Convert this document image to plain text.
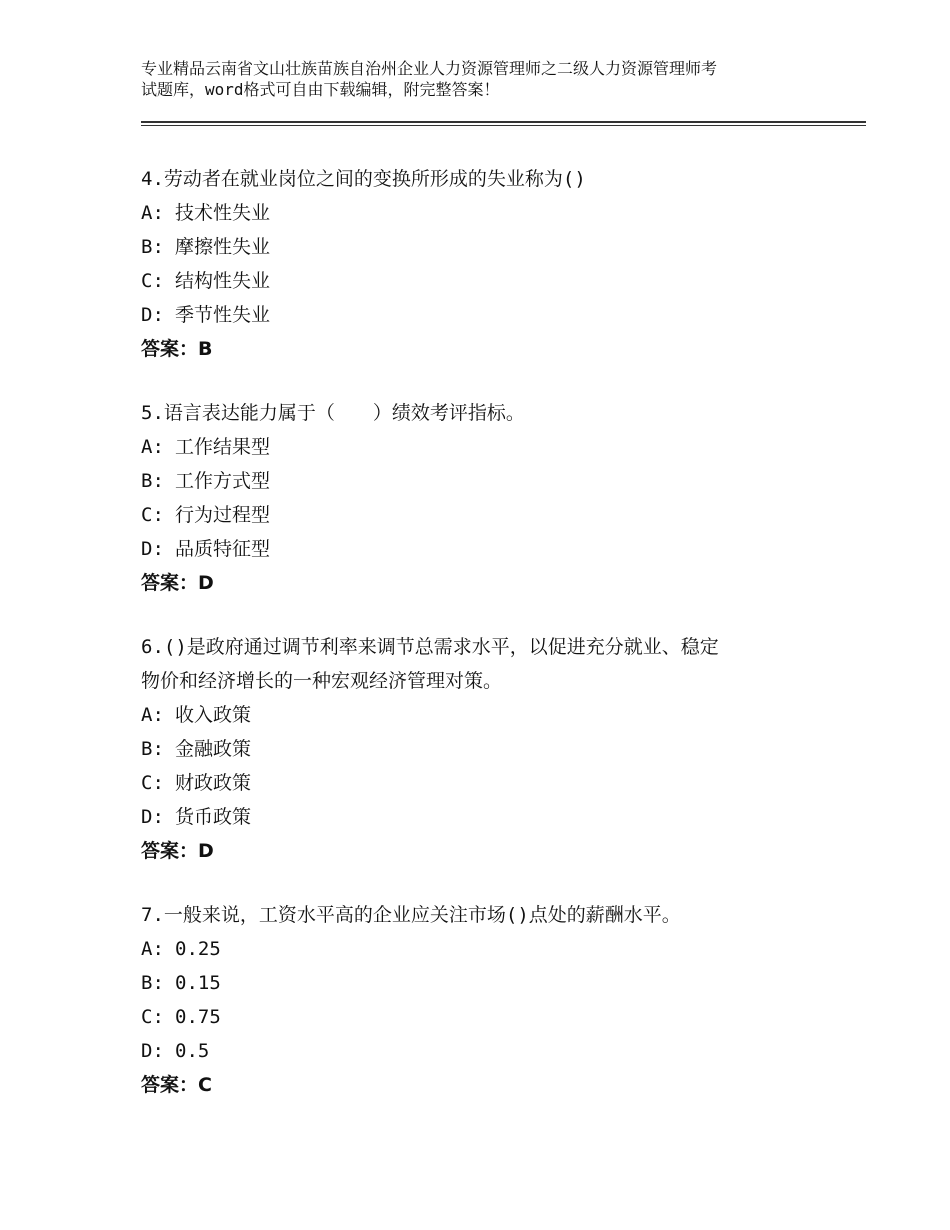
专业精品云南省文山壮族苗族自治州企业人力资源管理师之二级人力资源管理师考
试题库，word格式可自由下载编辑，附完整答案！
4.劳动者在就业岗位之间的变换所形成的失业称为()
A: 技术性失业
B: 摩擦性失业
C: 结构性失业
D: 季节性失业
答案：B
5.语言表达能力属于（　　）绩效考评指标。
A: 工作结果型
B: 工作方式型
C: 行为过程型
D: 品质特征型
答案：D
6.()是政府通过调节利率来调节总需求水平，以促进充分就业、稳定
物价和经济增长的一种宏观经济管理对策。
A: 收入政策
B: 金融政策
C: 财政政策
D: 货币政策
答案：D
7.一般来说，工资水平高的企业应关注市场()点处的薪酬水平。
A: 0.25
B: 0.15
C: 0.75
D: 0.5
答案：C
